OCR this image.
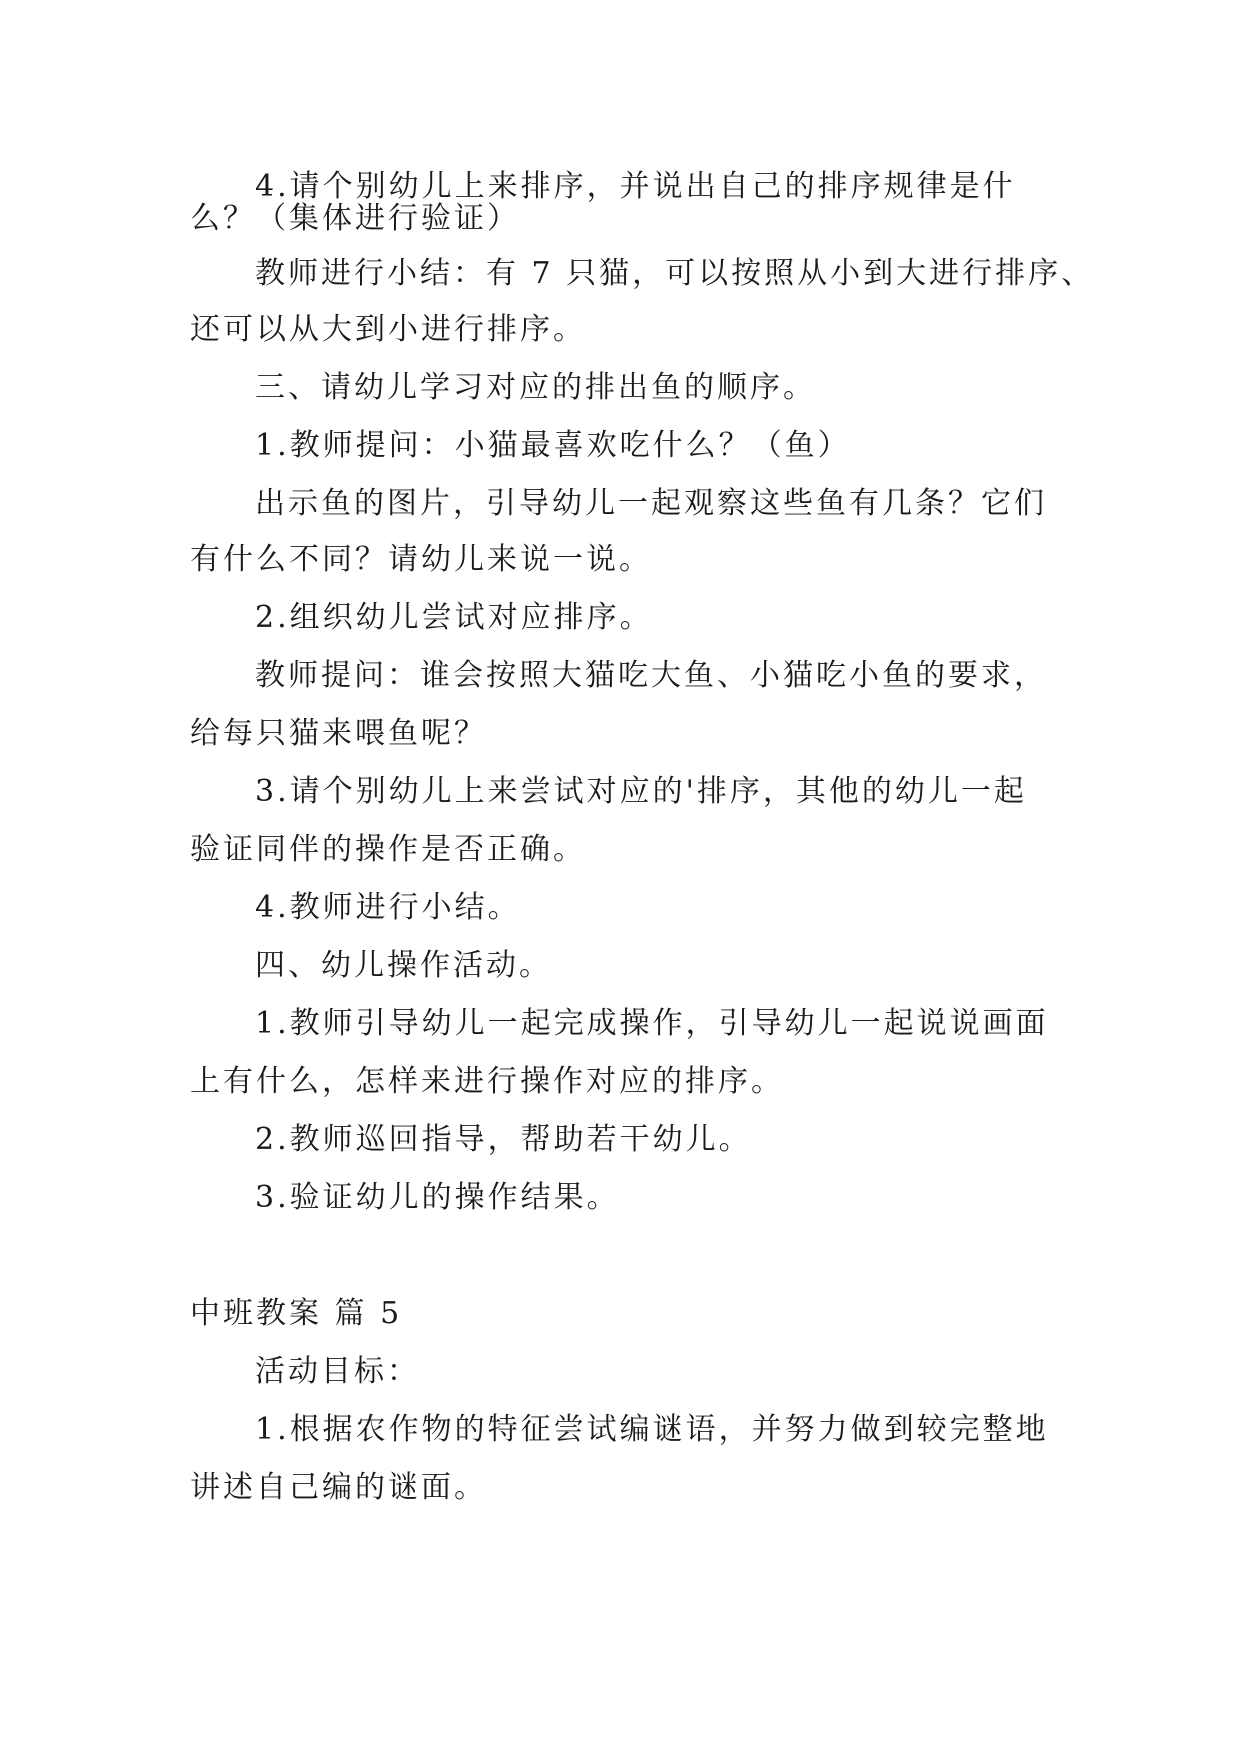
4.请个别幼儿上来排序，并说出自己的排序规律是什
么？（集体进行验证）
教师进行小结：有 7 只猫，可以按照从小到大进行排序、
还可以从大到小进行排序。
三、请幼儿学习对应的排出鱼的顺序。
1.教师提问：小猫最喜欢吃什么？（鱼）
出示鱼的图片，引导幼儿一起观察这些鱼有几条？它们
有什么不同？请幼儿来说一说。
2.组织幼儿尝试对应排序。
教师提问：谁会按照大猫吃大鱼、小猫吃小鱼的要求，
给每只猫来喂鱼呢？
3.请个别幼儿上来尝试对应的'排序，其他的幼儿一起
验证同伴的操作是否正确。
4.教师进行小结。
四、幼儿操作活动。
1.教师引导幼儿一起完成操作，引导幼儿一起说说画面
上有什么，怎样来进行操作对应的排序。
2.教师巡回指导，帮助若干幼儿。
3.验证幼儿的操作结果。
中班教案 篇 5
活动目标：
1.根据农作物的特征尝试编谜语，并努力做到较完整地
讲述自己编的谜面。
